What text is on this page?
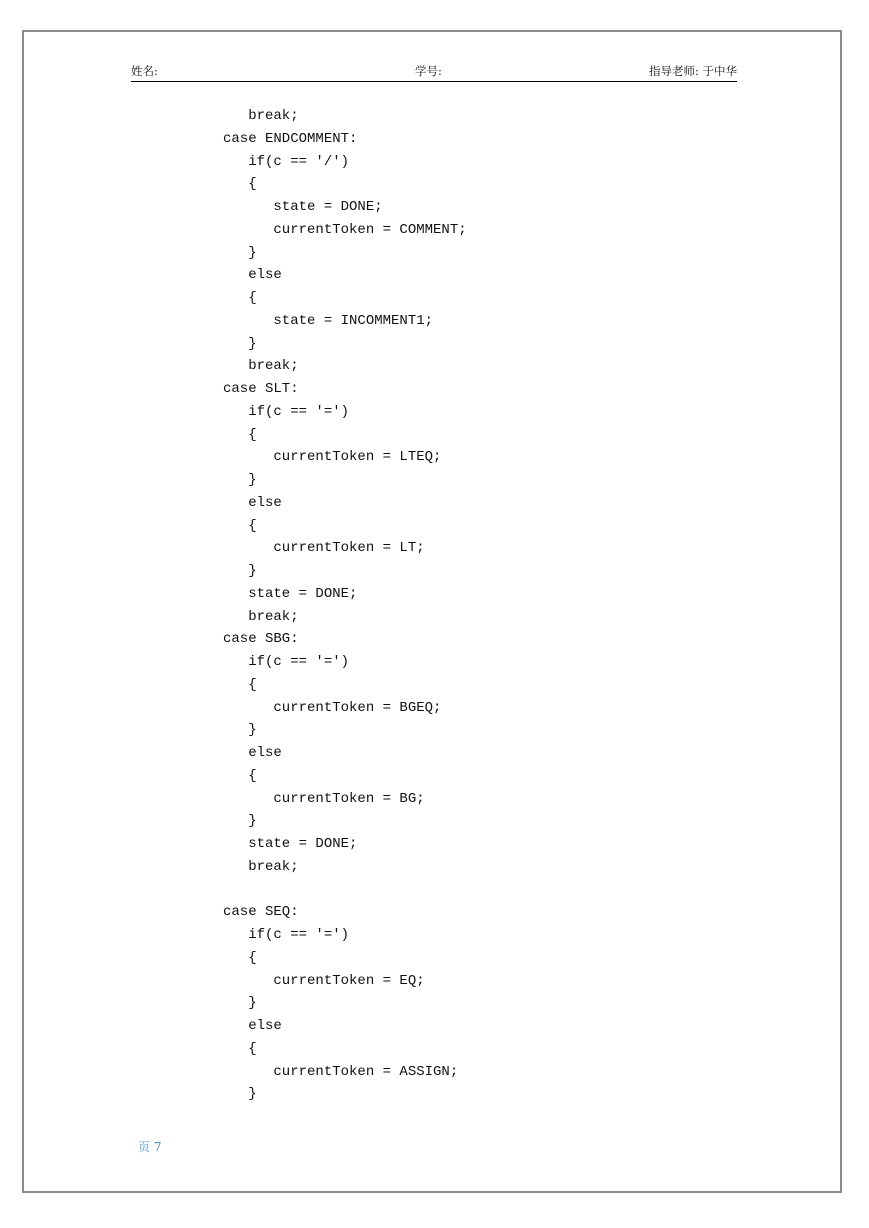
姓名:	学号:	指导老师: 于中华
break;
case ENDCOMMENT:
if(c == '/')
{
state = DONE;
currentToken = COMMENT;
}
else
{
state = INCOMMENT1;
}
break;
case SLT:
if(c == '=')
{
currentToken = LTEQ;
}
else
{
currentToken = LT;
}
state = DONE;
break;
case SBG:
if(c == '=')
{
currentToken = BGEQ;
}
else
{
currentToken = BG;
}
state = DONE;
break;
case SEQ:
if(c == '=')
{
currentToken = EQ;
}
else
{
currentToken = ASSIGN;
}
页 7
